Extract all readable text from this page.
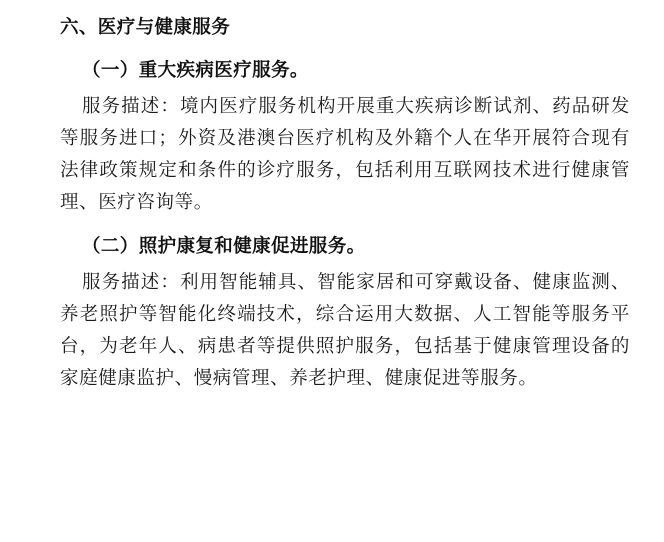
六、医疗与健康服务
（一）重大疾病医疗服务。
服务描述：境内医疗服务机构开展重大疾病诊断试剂、药品研发等服务进口；外资及港澳台医疗机构及外籍个人在华开展符合现有法律政策规定和条件的诊疗服务，包括利用互联网技术进行健康管理、医疗咨询等。
（二）照护康复和健康促进服务。
服务描述：利用智能辅具、智能家居和可穿戴设备、健康监测、养老照护等智能化终端技术，综合运用大数据、人工智能等服务平台，为老年人、病患者等提供照护服务，包括基于健康管理设备的家庭健康监护、慢病管理、养老护理、健康促进等服务。
